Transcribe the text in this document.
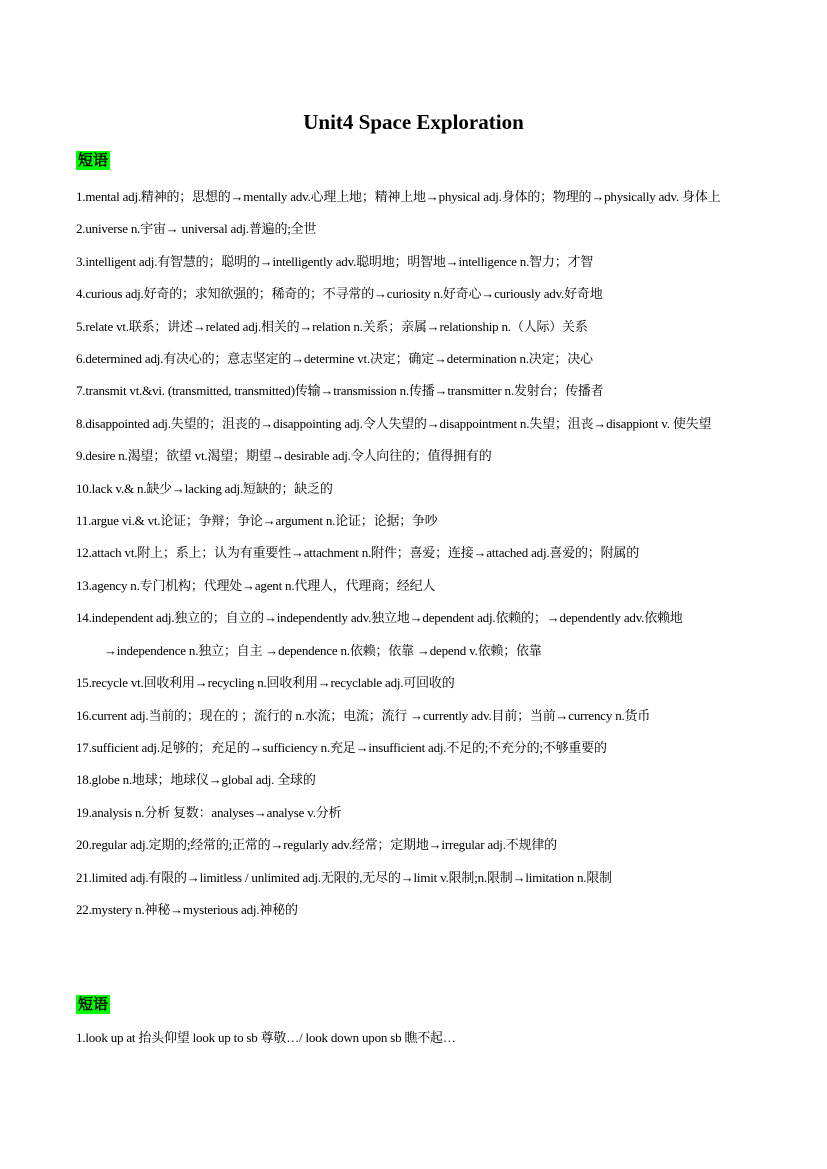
Unit4 Space Exploration
短语
1.mental adj.精神的；思想的→mentally adv.心理上地；精神上地→physical adj.身体的；物理的→physically adv. 身体上
2.universe n.宇宙→ universal adj.普遍的;全世
3.intelligent adj.有智慧的；聪明的→intelligently adv.聪明地；明智地→intelligence n.智力；才智
4.curious adj.好奇的；求知欲强的；稀奇的；不寻常的→curiosity n.好奇心→curiously adv.好奇地
5.relate vt.联系；讲述→related adj.相关的→relation n.关系；亲属→relationship n.（人际）关系
6.determined adj.有决心的；意志坚定的→determine vt.决定；确定→determination n.决定；决心
7.transmit vt.&vi. (transmitted, transmitted)传输→transmission n.传播→transmitter n.发射台；传播者
8.disappointed adj.失望的；沮丧的→disappointing adj.令人失望的→disappointment n.失望；沮丧→disappiont v. 使失望
9.desire n.渴望；欲望 vt.渴望；期望→desirable adj.令人向往的；值得拥有的
10.lack v.& n.缺少→lacking adj.短缺的；缺乏的
11.argue vi.& vt.论证；争辩；争论→argument n.论证；论据；争吵
12.attach vt.附上；系上；认为有重要性→attachment n.附件；喜爱；连接→attached adj.喜爱的；附属的
13.agency n.专门机构；代理处→agent n.代理人，代理商；经纪人
14.independent adj.独立的；自立的→independently adv.独立地→dependent adj.依赖的；→dependently adv.依赖地→independence n.独立；自主 →dependence n.依赖；依靠 →depend v.依赖；依靠
15.recycle vt.回收利用→recycling n.回收利用→recyclable adj.可回收的
16.current adj.当前的；现在的 ；流行的 n.水流；电流；流行 →currently adv.目前；当前→currency n.货币
17.sufficient adj.足够的；充足的→sufficiency n.充足→insufficient adj.不足的;不充分的;不够重要的
18.globe n.地球；地球仪→global adj. 全球的
19.analysis n.分析 复数：analyses→analyse v.分析
20.regular adj.定期的;经常的;正常的→regularly adv.经常；定期地→irregular adj.不规律的
21.limited adj.有限的→limitless / unlimited adj.无限的,无尽的→limit v.限制;n.限制→limitation n.限制
22.mystery n.神秘→mysterious adj.神秘的
短语
1.look up at 抬头仰望 look up to sb 尊敬…/ look down upon sb 瞧不起…
